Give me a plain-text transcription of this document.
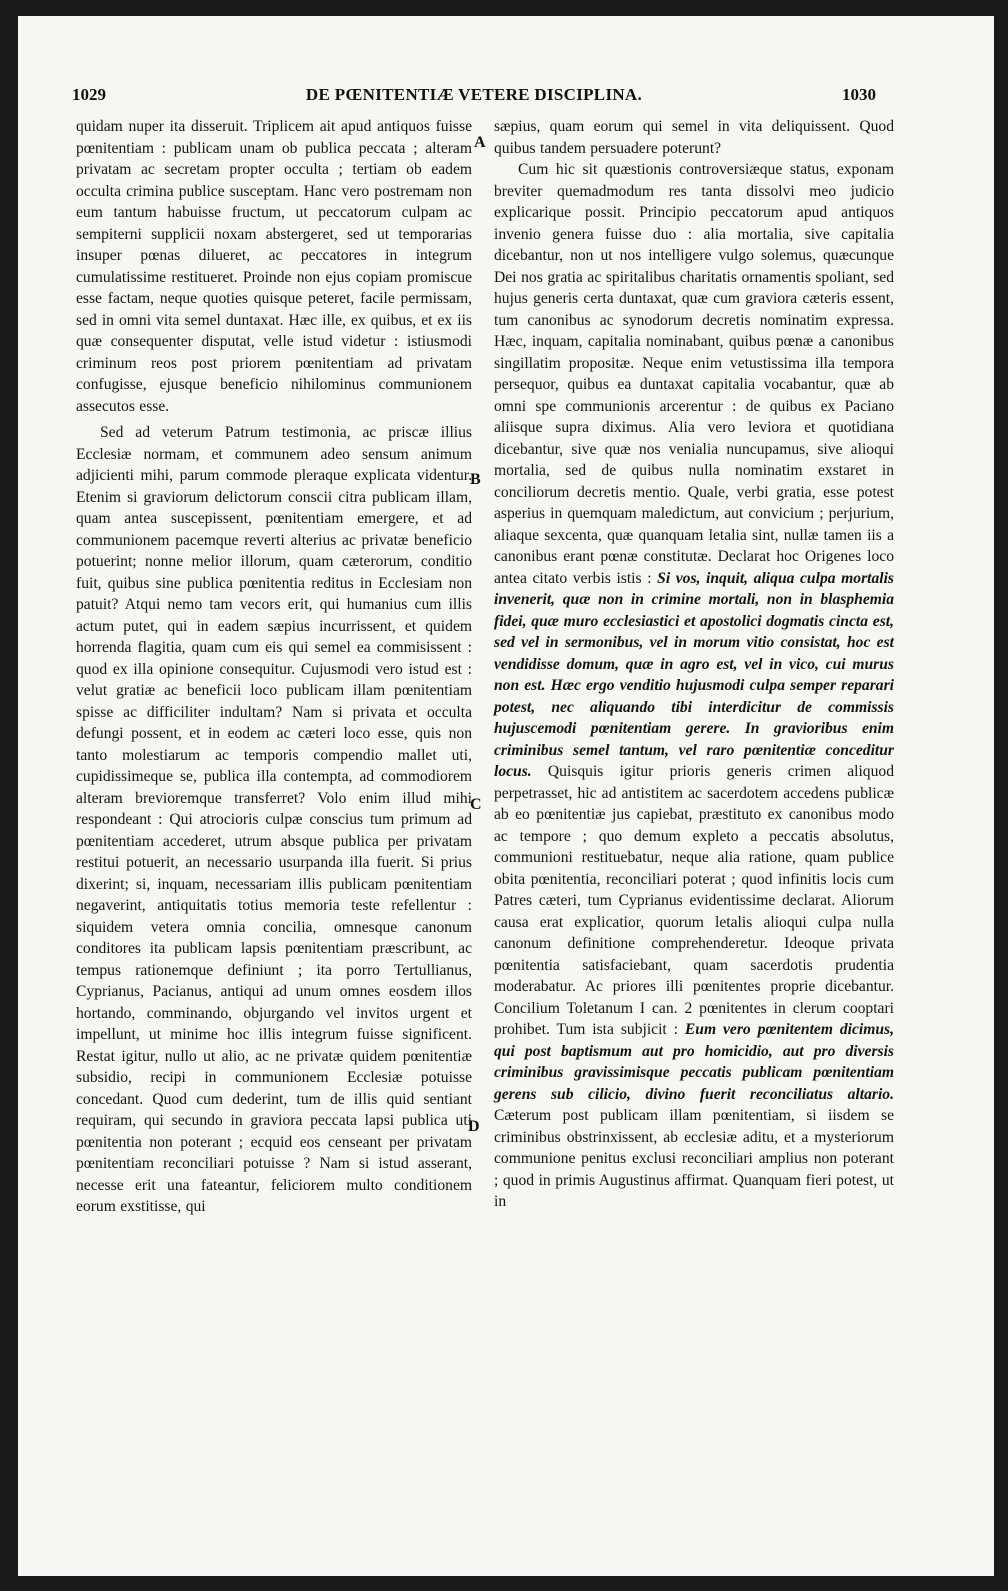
1029	DE PŒNITENTIÆ VETERE DISCIPLINA.	1030

quidam nuper ita disseruit. Triplicem ait apud antiquos fuisse pœnitentiam : publicam unam ob publica peccata ; alteram privatam ac secretam propter occulta ; tertiam ob eadem occulta crimina publice susceptam. Hanc vero postremam non eum tantum habuisse fructum, ut peccatorum culpam ac sempiterni supplicii noxam abstergeret, sed ut temporarias insuper pœnas dilueret, ac peccatores in integrum cumulatissime restitueret. Proinde non ejus copiam promiscue esse factam, neque quoties quisque peteret, facile permissam, sed in omni vita semel duntaxat. Hæc ille, ex quibus, et ex iis quæ consequenter disputat, velle istud videtur : istiusmodi criminum reos post priorem pœnitentiam ad privatam confugisse, ejusque beneficio nihilominus communionem assecutos esse.

Sed ad veterum Patrum testimonia, ac priscæ illius Ecclesiæ normam, et communem adeo sensum animum adjicienti mihi, parum commode pleraque explicata videntur. Etenim si graviorum delictorum conscii citra publicam illam, quam antea suscepissent, pœnitentiam emergere, et ad communionem pacemque reverti alterius ac privatæ beneficio potuerint; nonne melior illorum, quam cæterorum, conditio fuit, quibus sine publica pœnitentia reditus in Ecclesiam non patuit? Atqui nemo tam vecors erit, qui humanius cum illis actum putet, qui in eadem sæpius incurrissent, et quidem horrenda flagitia, quam cum eis qui semel ea commisissent : quod ex illa opinione consequitur. Cujusmodi vero istud est : velut gratiæ ac beneficii loco publicam illam pœnitentiam spisse ac difficiliter indultam? Nam si privata et occulta defungi possent, et in eodem ac cæteri loco esse, quis non tanto molestiarum ac temporis compendio mallet uti, cupidissimeque se, publica illa contempta, ad commodiorem alteram brevioremque transferret? Volo enim illud mihi respondeant : Qui atrocioris culpæ conscius tum primum ad pœnitentiam accederet, utrum absque publica per privatam restitui potuerit, an necessario usurpanda illa fuerit. Si prius dixerint; si, inquam, necessariam illis publicam pœnitentiam negaverint, antiquitatis totius memoria teste refellentur : siquidem vetera omnia concilia, omnesque canonum conditores ita publicam lapsis pœnitentiam præscribunt, ac tempus rationemque definiunt ; ita porro Tertullianus, Cyprianus, Pacianus, antiqui ad unum omnes eosdem illos hortando, comminando, objurgando vel invitos urgent et impellunt, ut minime hoc illis integrum fuisse significent. Restat igitur, nullo ut alio, ac ne privatæ quidem pœnitentiæ subsidio, recipi in communionem Ecclesiæ potuisse concedant. Quod cum dederint, tum de illis quid sentiant requiram, qui secundo in graviora peccata lapsi publica uti pœnitentia non poterant ; ecquid eos censeant per privatam pœnitentiam reconciliari potuisse ? Nam si istud asserant, necesse erit una fateantur, feliciorem multo conditionem eorum exstitisse, qui

A
B
C
D

sæpius, quam eorum qui semel in vita deliquissent. Quod quibus tandem persuadere poterunt?

Cum hic sit quæstionis controversiæque status, exponam breviter quemadmodum res tanta dissolvi meo judicio explicarique possit. Principio peccatorum apud antiquos invenio genera fuisse duo : alia mortalia, sive capitalia dicebantur, non ut nos intelligere vulgo solemus, quæcunque Dei nos gratia ac spiritalibus charitatis ornamentis spoliant, sed hujus generis certa duntaxat, quæ cum graviora cæteris essent, tum canonibus ac synodorum decretis nominatim expressa. Hæc, inquam, capitalia nominabant, quibus pœnæ a canonibus singillatim propositæ. Neque enim vetustissima illa tempora persequor, quibus ea duntaxat capitalia vocabantur, quæ ab omni spe communionis arcerentur : de quibus ex Paciano aliisque supra diximus. Alia vero leviora et quotidiana dicebantur, sive quæ nos venialia nuncupamus, sive alioqui mortalia, sed de quibus nulla nominatim exstaret in conciliorum decretis mentio. Quale, verbi gratia, esse potest asperius in quemquam maledictum, aut convicium ; perjurium, aliaque sexcenta, quæ quanquam letalia sint, nullæ tamen iis a canonibus erant pœnæ constitutæ. Declarat hoc Origenes loco antea citato verbis istis : Si vos, inquit, aliqua culpa mortalis invenerit, quæ non in crimine mortali, non in blasphemia fidei, quæ muro ecclesiastici et apostolici dogmatis cincta est, sed vel in sermonibus, vel in morum vitio consistat, hoc est vendidisse domum, quæ in agro est, vel in vico, cui murus non est. Hæc ergo venditio hujusmodi culpa semper reparari potest, nec aliquando tibi interdicitur de commissis hujuscemodi pœnitentiam gerere. In gravioribus enim criminibus semel tantum, vel raro pœnitentiæ conceditur locus. Quisquis igitur prioris generis crimen aliquod perpetrasset, hic ad antistitem ac sacerdotem accedens publicæ ab eo pœnitentiæ jus capiebat, præstituto ex canonibus modo ac tempore ; quo demum expleto a peccatis absolutus, communioni restituebatur, neque alia ratione, quam publice obita pœnitentia, reconciliari poterat ; quod infinitis locis cum Patres cæteri, tum Cyprianus evidentissime declarat. Aliorum causa erat explicatior, quorum letalis alioqui culpa nulla canonum definitione comprehenderetur. Ideoque privata pœnitentia satisfaciebant, quam sacerdotis prudentia moderabatur. Ac priores illi pœnitentes proprie dicebantur. Concilium Toletanum I can. 2 pœnitentes in clerum cooptari prohibet. Tum ista subjicit : Eum vero pœnitentem dicimus, qui post baptismum aut pro homicidio, aut pro diversis criminibus gravissimisque peccatis publicam pœnitentiam gerens sub cilicio, divino fuerit reconciliatus altario. Cæterum post publicam illam pœnitentiam, si iisdem se criminibus obstrinxissent, ab ecclesiæ aditu, et a mysteriorum communione penitus exclusi reconciliari amplius non poterant ; quod in primis Augustinus affirmat. Quanquam fieri potest, ut in
